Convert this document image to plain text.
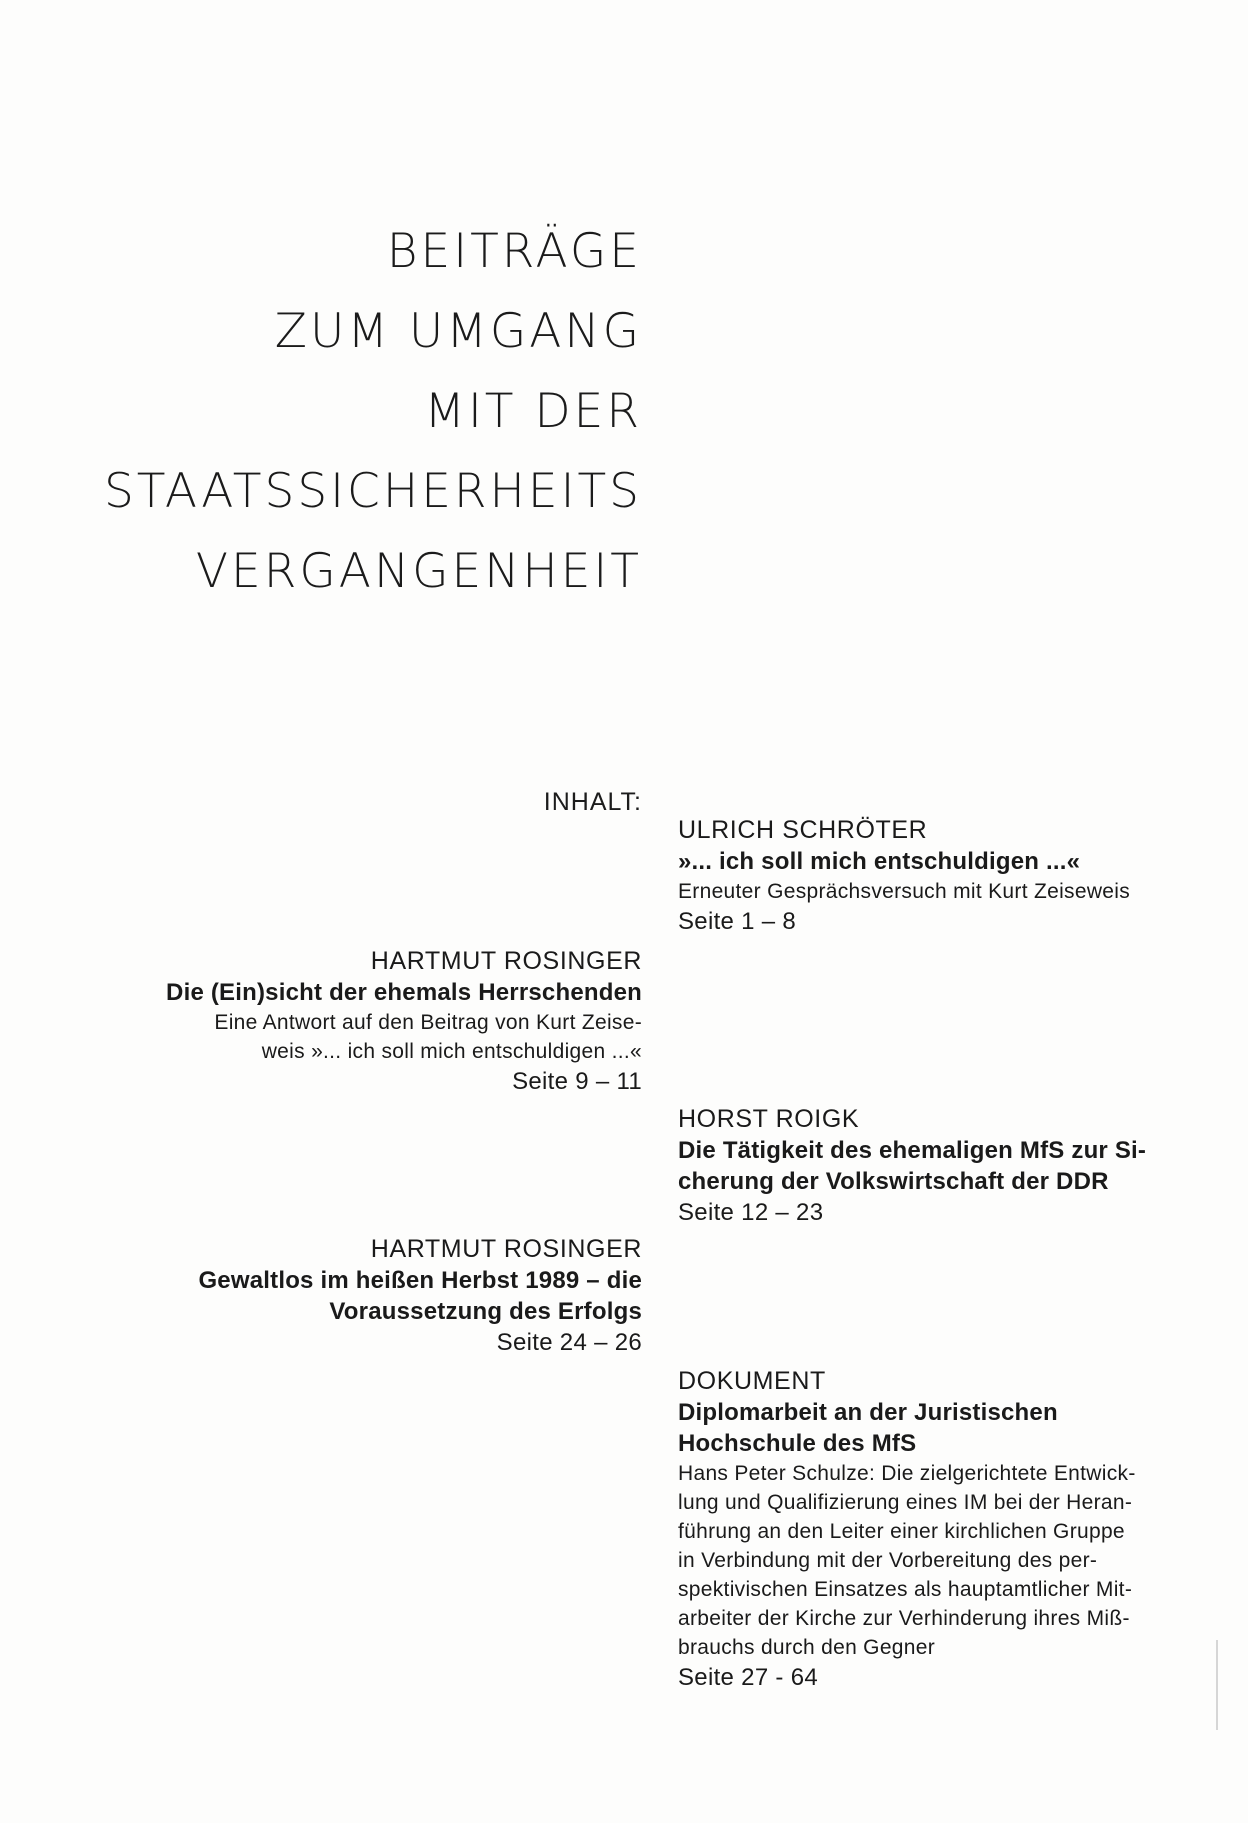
BEITRÄGE
ZUM UMGANG
MIT DER
STAATSSICHERHEITS
VERGANGENHEIT
INHALT:
HARTMUT ROSINGER
Die (Ein)sicht der ehemals Herrschenden
Eine Antwort auf den Beitrag von Kurt Zeise-
weis »... ich soll mich entschuldigen ...«
Seite 9 – 11
HARTMUT ROSINGER
Gewaltlos im heißen Herbst 1989 – die
Voraussetzung des Erfolgs
Seite 24 – 26
ULRICH SCHRÖTER
»... ich soll mich entschuldigen ...«
Erneuter Gesprächsversuch mit Kurt Zeiseweis
Seite 1 – 8
HORST ROIGK
Die Tätigkeit des ehemaligen MfS zur Si-
cherung der Volkswirtschaft der DDR
Seite 12 – 23
DOKUMENT
Diplomarbeit an der Juristischen
Hochschule des MfS
Hans Peter Schulze: Die zielgerichtete Entwick-
lung und Qualifizierung eines IM bei der Heran-
führung an den Leiter einer kirchlichen Gruppe
in Verbindung mit der Vorbereitung des per-
spektivischen Einsatzes als hauptamtlicher Mit-
arbeiter der Kirche zur Verhinderung ihres Miß-
brauchs durch den Gegner
Seite 27 - 64
